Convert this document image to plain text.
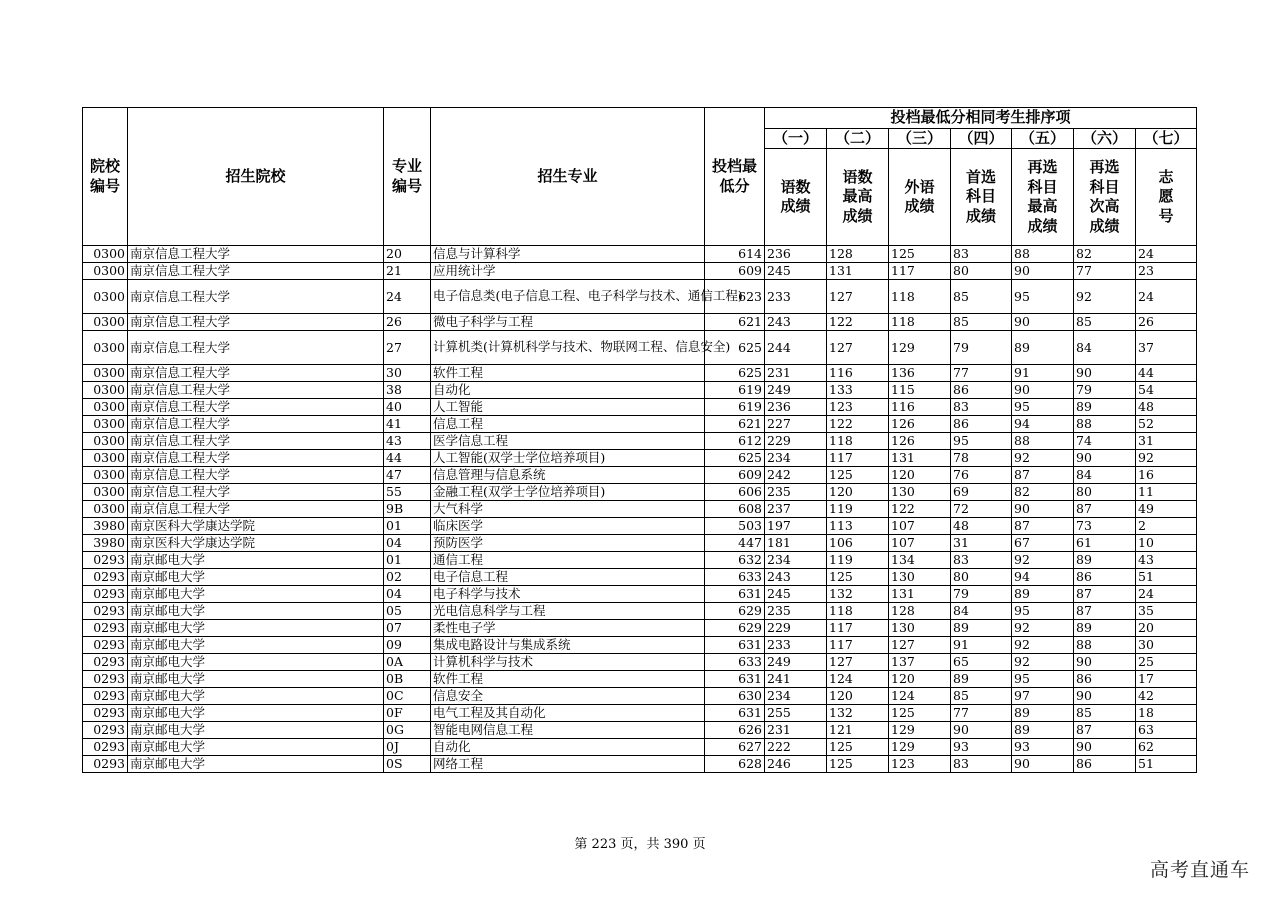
院校编号	招生院校	专业编号	招生专业	投档最低分	投档最低分相同考生排序项						
					（一）	（二）	（三）	（四）	（五）	（六）	（七）

					语数成绩	语数最高成绩	外语成绩	首选科目成绩	再选科目最高成绩	再选科目次高成绩	志愿号

0300	南京信息工程大学	20	信息与计算科学	614	236	128	125	83	88	82	24
0300	南京信息工程大学	21	应用统计学	609	245	131	117	80	90	77	23
0300	南京信息工程大学	24	电子信息类(电子信息工程、电子科学与技术、通信工程)	623	233	127	118	85	95	92	24
0300	南京信息工程大学	26	微电子科学与工程	621	243	122	118	85	90	85	26
0300	南京信息工程大学	27	计算机类(计算机科学与技术、物联网工程、信息安全)	625	244	127	129	79	89	84	37
0300	南京信息工程大学	30	软件工程	625	231	116	136	77	91	90	44
0300	南京信息工程大学	38	自动化	619	249	133	115	86	90	79	54
0300	南京信息工程大学	40	人工智能	619	236	123	116	83	95	89	48
0300	南京信息工程大学	41	信息工程	621	227	122	126	86	94	88	52
0300	南京信息工程大学	43	医学信息工程	612	229	118	126	95	88	74	31
0300	南京信息工程大学	44	人工智能(双学士学位培养项目)	625	234	117	131	78	92	90	92
0300	南京信息工程大学	47	信息管理与信息系统	609	242	125	120	76	87	84	16
0300	南京信息工程大学	55	金融工程(双学士学位培养项目)	606	235	120	130	69	82	80	11
0300	南京信息工程大学	9B	大气科学	608	237	119	122	72	90	87	49
3980	南京医科大学康达学院	01	临床医学	503	197	113	107	48	87	73	2
3980	南京医科大学康达学院	04	预防医学	447	181	106	107	31	67	61	10
0293	南京邮电大学	01	通信工程	632	234	119	134	83	92	89	43
0293	南京邮电大学	02	电子信息工程	633	243	125	130	80	94	86	51
0293	南京邮电大学	04	电子科学与技术	631	245	132	131	79	89	87	24
0293	南京邮电大学	05	光电信息科学与工程	629	235	118	128	84	95	87	35
0293	南京邮电大学	07	柔性电子学	629	229	117	130	89	92	89	20
0293	南京邮电大学	09	集成电路设计与集成系统	631	233	117	127	91	92	88	30
0293	南京邮电大学	0A	计算机科学与技术	633	249	127	137	65	92	90	25
0293	南京邮电大学	0B	软件工程	631	241	124	120	89	95	86	17
0293	南京邮电大学	0C	信息安全	630	234	120	124	85	97	90	42
0293	南京邮电大学	0F	电气工程及其自动化	631	255	132	125	77	89	85	18
0293	南京邮电大学	0G	智能电网信息工程	626	231	121	129	90	89	87	63
0293	南京邮电大学	0J	自动化	627	222	125	129	93	93	90	62
0293	南京邮电大学	0S	网络工程	628	246	125	123	83	90	86	51
第 223 页，共 390 页
高考直通车
